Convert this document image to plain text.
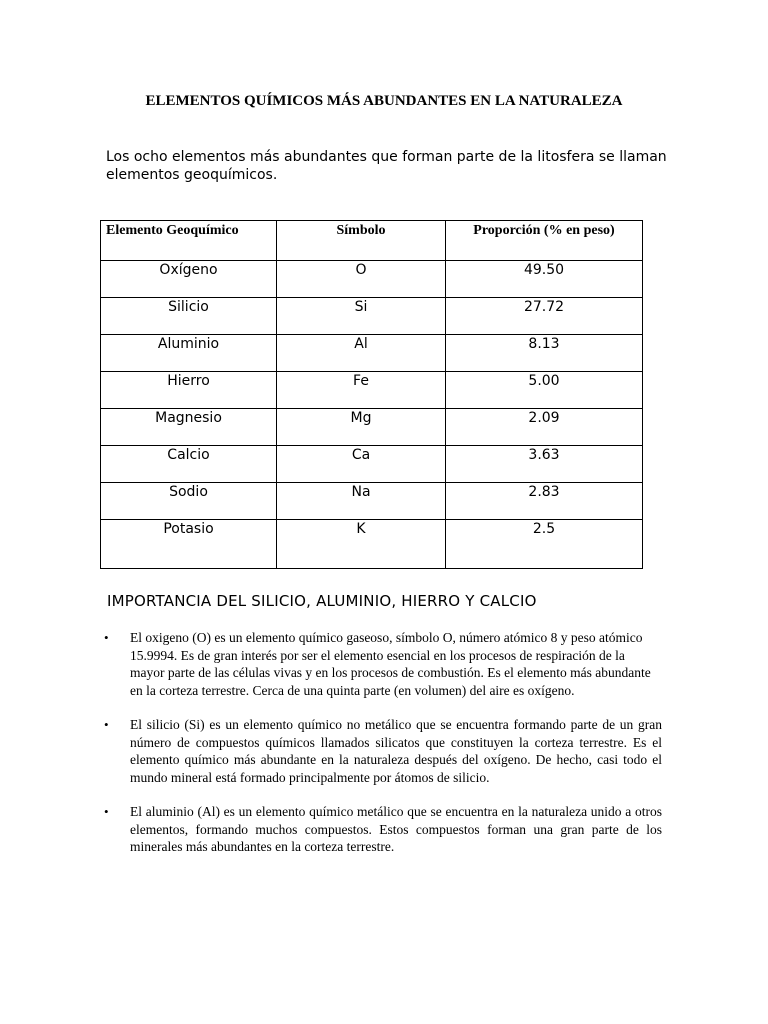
ELEMENTOS QUÍMICOS MÁS ABUNDANTES EN LA NATURALEZA

Los ocho elementos más abundantes que forman parte de la litosfera se llaman elementos geoquímicos.

Elemento Geoquímico	Símbolo	Proporción (% en peso)
Oxígeno	O	49.50
Silicio	Si	27.72
Aluminio	Al	8.13
Hierro	Fe	5.00
Magnesio	Mg	2.09
Calcio	Ca	3.63
Sodio	Na	2.83
Potasio	K	2.5
IMPORTANCIA DEL SILICIO, ALUMINIO, HIERRO Y CALCIO
• El oxigeno (O) es un elemento químico gaseoso, símbolo O, número atómico 8 y peso atómico 15.9994. Es de gran interés por ser el elemento esencial en los procesos de respiración de la mayor parte de las células vivas y en los procesos de combustión. Es el elemento más abundante en la corteza terrestre. Cerca de una quinta parte (en volumen) del aire es oxígeno.
• El silicio (Si) es un elemento químico no metálico que se encuentra formando parte de un gran número de compuestos químicos llamados silicatos que constituyen la corteza terrestre. Es el elemento químico más abundante en la naturaleza después del oxígeno. De hecho, casi todo el mundo mineral está formado principalmente por átomos de silicio.
• El aluminio (Al) es un elemento químico metálico que se encuentra en la naturaleza unido a otros elementos, formando muchos compuestos. Estos compuestos forman una gran parte de los minerales más abundantes en la corteza terrestre.
